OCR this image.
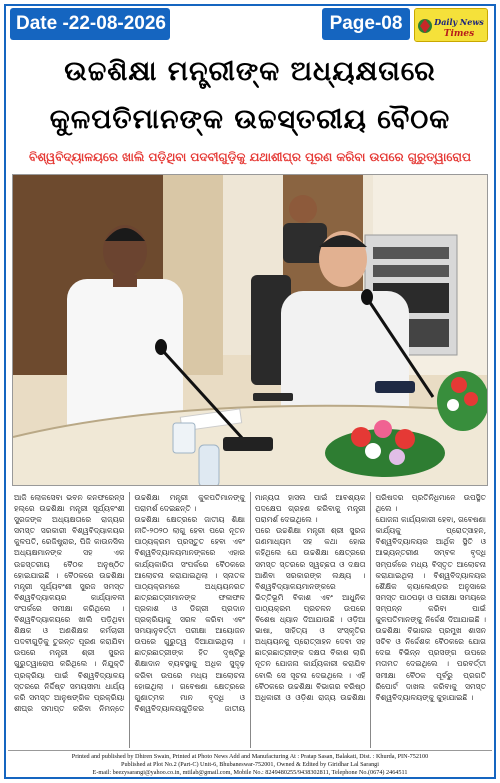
Date -22-08-2026	Page-08	Daily News
Times
ଉଚ୍ଚଶିକ୍ଷା ମନ୍ତ୍ରୀଙ୍କ ଅଧ୍ୟକ୍ଷତାରେ
କୁଳପତିମାନଙ୍କ ଉଚ୍ଚସ୍ତରୀୟ ବୈଠକ
ବିଶ୍ୱବିଦ୍ୟାଳୟରେ ଖାଲି ପଡ଼ିଥିବା ପଦବୀଗୁଡ଼ିକୁ ଯଥାଶୀଘ୍ର ପୂରଣ କରିବା ଉପରେ ଗୁରୁତ୍ୱାରୋପ

ଆଜି ଲୋକସେବା ଭବନ କନଫରେନ୍ସ ହଲ୍‌ରେ ଉଚ୍ଚଶିକ୍ଷା ମନ୍ତ୍ରୀ ସୂର୍ଯ୍ୟବଂଶୀ ସୁରଜଙ୍କ ଅଧ୍ୟକ୍ଷତାରେ ରାଜ୍ୟର ସମସ୍ତ ସରକାରୀ ବିଶ୍ୱବିଦ୍ୟାଳୟର କୁଳପତି, ରେଜିଷ୍ଟ୍ରାର, ପିଜି କାଉନସିଲ ଅଧ୍ୟକ୍ଷମାନଙ୍କ ସହ ଏକ ଉଚ୍ଚସ୍ତରୀୟ ବୈଠକ ଅନୁଷ୍ଠିତ ହୋଇଯାଇଛି । ବୈଠକରେ ଉଚ୍ଚଶିକ୍ଷା ମନ୍ତ୍ରୀ ସୂର୍ଯ୍ୟବଂଶୀ ସୁରଜ ସମସ୍ତ ବିଶ୍ୱବିଦ୍ୟାଳୟର କାର୍ଯ୍ୟାବଳୀ ସଂପର୍କରେ ସମୀକ୍ଷା କରିଥିଲେ । ବିଶ୍ୱବିଦ୍ୟାଳୟରେ ଖାଲି ପଡ଼ିଥିବା ଶିକ୍ଷକ ଓ ଅଣଶିକ୍ଷକ କର୍ମଚାରୀ ପଦବୀଗୁଡ଼ିକୁ ତୁରନ୍ତ ପୂରଣ କରାଯିବା ଉପରେ ମନ୍ତ୍ରୀ ଶ୍ରୀ ସୁରଜ ଗୁରୁତ୍ୱାରୋପ କରିଥିଲେ । ନିଯୁକ୍ତି ପ୍ରକ୍ରିୟା ପାଇଁ ବିଶ୍ୱବିଦ୍ୟାଳୟ ସ୍ତରରେ ନିର୍ଦ୍ଦିଷ୍ଟ ସମୟସୀମା ଧାର୍ଯ୍ୟ କରି ସମସ୍ତ ଆନୁଷଙ୍ଗିକ ପ୍ରକ୍ରିୟା ଶୀଘ୍ର ସମାପ୍ତ କରିବା ନିମନ୍ତେ ଉଚ୍ଚଶିକ୍ଷା ମନ୍ତ୍ରୀ କୁଳପତିମାନଙ୍କୁ ପରାମର୍ଶ ଦେଇଛନ୍ତି ।

ଉଚ୍ଚଶିକ୍ଷା କ୍ଷେତ୍ରରେ ଜାତୀୟ ଶିକ୍ଷା ନୀତି-୨୦୨୦ ଲାଗୁ ହେବା ପରେ ନୂତନ ପାଠ୍ୟକ୍ରମ ପ୍ରସ୍ତୁତ ହେବା ଏବଂ ବିଶ୍ୱବିଦ୍ୟାଳୟମାନଙ୍କରେ ଏହାର କାର୍ଯ୍ୟକାରିତା ସଂପର୍କରେ ବୈଠକରେ ଆଲୋଚନା କରାଯାଇଥିଲା । ସ୍ନାତକ ପାଠ୍ୟକ୍ରମରେ ଅଧ୍ୟୟନରତ ଛାତ୍ରଛାତ୍ରୀମାନଙ୍କ ଫଳାଫଳ ପ୍ରକାଶ ଓ ଡିଗ୍ରୀ ପ୍ରଦାନ ପ୍ରକ୍ରିୟାକୁ ସରଳ କରିବା ଏବଂ ସମୟାନୁବର୍ତ୍ତୀ ପରୀକ୍ଷା ଆୟୋଜନ ଉପରେ ଗୁରୁତ୍ୱ ଦିଆଯାଇଥିଲା । ଛାତ୍ରଛାତ୍ରୀଙ୍କ ହିତ ଦୃଷ୍ଟିରୁ ଶିକ୍ଷାଦାନ ବ୍ୟବସ୍ଥାକୁ ଅଧିକ ସୁଦୃଢ଼ କରିବା ଉପରେ ମଧ୍ୟ ଆଲୋଚନା ହୋଇଥିଲା । ଗବେଷଣା କ୍ଷେତ୍ରରେ ଗୁଣାତ୍ମକ ମାନ ବୃଦ୍ଧି ଓ ବିଶ୍ୱବିଦ୍ୟାଳୟଗୁଡ଼ିକର ଜାତୀୟ ମାନ୍ୟତା ହାସଲ ପାଇଁ ଆବଶ୍ୟକ ପଦକ୍ଷେପ ଗ୍ରହଣ କରିବାକୁ ମନ୍ତ୍ରୀ ପରାମର୍ଶ ଦେଇଥିଲେ ।

ପରେ ଉଚ୍ଚଶିକ୍ଷା ମନ୍ତ୍ରୀ ଶ୍ରୀ ସୁରଜ ଗଣମାଧ୍ୟମ ସହ କଥା ହୋଇ କହିଥିଲେ ଯେ ଉଚ୍ଚଶିକ୍ଷା କ୍ଷେତ୍ରରେ ସମସ୍ତ ସ୍ତରରେ ସ୍ୱଚ୍ଛତା ଓ ଦକ୍ଷତା ଆଣିବା ସରକାରଙ୍କ ଲକ୍ଷ୍ୟ । ବିଶ୍ୱବିଦ୍ୟାଳୟମାନଙ୍କରେ ଭିତ୍ତିଭୂମି ବିକାଶ ଏବଂ ଆଧୁନିକ ପାଠ୍ୟକ୍ରମ ପ୍ରଚଳନ ଉପରେ ବିଶେଷ ଧ୍ୟାନ ଦିଆଯାଉଛି । ଓଡ଼ିଆ ଭାଷା, ସାହିତ୍ୟ ଓ ସଂସ୍କୃତିର ଅଧ୍ୟୟନକୁ ପ୍ରୋତ୍ସାହନ ଦେବା ସହ ଛାତ୍ରଛାତ୍ରୀଙ୍କ ଦକ୍ଷତା ବିକାଶ ଲାଗି ନୂତନ ଯୋଜନା କାର୍ଯ୍ୟକାରୀ କରାଯିବ ବୋଲି ସେ ସୂଚନା ଦେଇଥିଲେ । ଏହି ବୈଠକରେ ଉଚ୍ଚଶିକ୍ଷା ବିଭାଗର ବରିଷ୍ଠ ଅଧିକାରୀ ଓ ଓଡ଼ିଶା ରାଜ୍ୟ ଉଚ୍ଚଶିକ୍ଷା ପରିଷଦର ପ୍ରତିନିଧିମାନେ ଉପସ୍ଥିତ ଥିଲେ ।

ଯୋଜନା କାର୍ଯ୍ୟକାରୀ ହେବା, ଗବେଷଣା କାର୍ଯ୍ୟକୁ ପ୍ରୋତ୍ସାହନ, ବିଶ୍ୱବିଦ୍ୟାଳୟର ଆର୍ଥିକ ସ୍ଥିତି ଓ ଆଭ୍ୟନ୍ତରୀଣ ସମ୍ବଳ ବୃଦ୍ଧି ସମ୍ପର୍କରେ ମଧ୍ୟ ବିସ୍ତୃତ ଆଲୋଚନା କରାଯାଇଥିଲା । ବିଶ୍ୱବିଦ୍ୟାଳୟର ଶୈକ୍ଷିକ କ୍ୟାଲେଣ୍ଡର ଅନୁସାରେ ସମସ୍ତ ପାଠପଢ଼ା ଓ ପରୀକ୍ଷା ସମୟରେ ସମ୍ପନ୍ନ କରିବା ପାଇଁ କୁଳପତିମାନଙ୍କୁ ନିର୍ଦ୍ଦେଶ ଦିଆଯାଇଛି । ଉଚ୍ଚଶିକ୍ଷା ବିଭାଗର ପ୍ରମୁଖ ଶାସନ ସଚିବ ଓ ନିର୍ଦ୍ଦେଶକ ବୈଠକରେ ଯୋଗ ଦେଇ ବିଭିନ୍ନ ପ୍ରସଙ୍ଗ ଉପରେ ମତାମତ ଦେଇଥିଲେ । ପରବର୍ତ୍ତୀ ସମୀକ୍ଷା ବୈଠକ ପୂର୍ବରୁ ପ୍ରଗତି ରିପୋର୍ଟ ଦାଖଲ କରିବାକୁ ସମସ୍ତ ବିଶ୍ୱବିଦ୍ୟାଳୟଙ୍କୁ କୁହାଯାଇଛି ।

Printed and published by Dhiren Swain, Printed at Photo News Add and Manufacturing At : Pratap Sasan, Balakati, Dist. : Khurda, PIN-752100
Published at Plot No.2 (Part-C) Unit-6, Bhubaneswar-752001, Owned & Edited by Giridhar Lal Sarangi
E-mail: beezysarangi@yahoo.co.in, mtilab@gmail.com, Mobile No.: 8249480255/9438302811, Telephone No.(0674) 2464511
